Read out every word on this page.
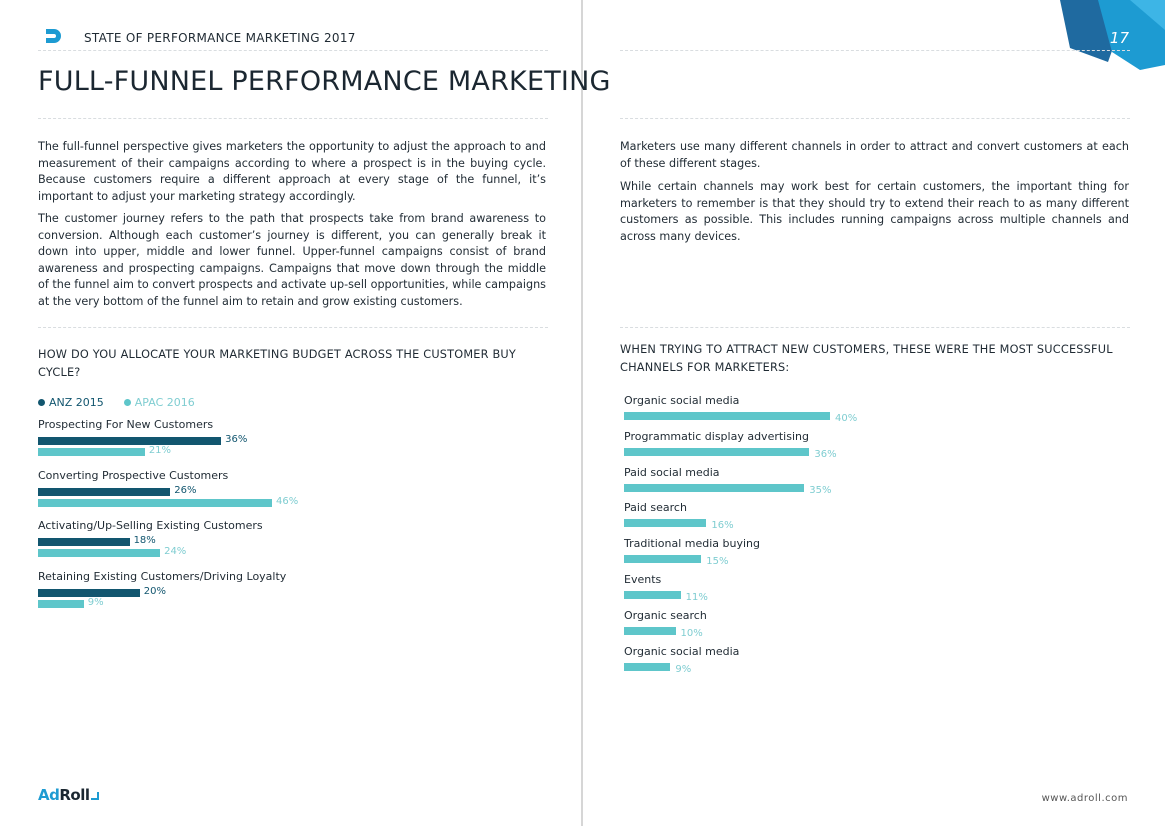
17
STATE OF PERFORMANCE MARKETING 2017
FULL-FUNNEL PERFORMANCE MARKETING

The full-funnel perspective gives marketers the opportunity to adjust the approach to and measurement of their campaigns according to where a prospect is in the buying cycle. Because customers require a different approach at every stage of the funnel, it’s important to adjust your marketing strategy accordingly.

The customer journey refers to the path that prospects take from brand awareness to conversion. Although each customer’s journey is different, you can generally break it down into upper, middle and lower funnel. Upper-funnel campaigns consist of brand awareness and prospecting campaigns. Campaigns that move down through the middle of the funnel aim to convert prospects and activate up-sell opportunities, while campaigns at the very bottom of the funnel aim to retain and grow existing customers.

Marketers use many different channels in order to attract and convert customers at each of these different stages.

While certain channels may work best for certain customers, the important thing for marketers to remember is that they should try to extend their reach to as many different customers as possible. This includes running campaigns across multiple channels and across many devices.

HOW DO YOU ALLOCATE YOUR MARKETING BUDGET ACROSS THE CUSTOMER BUY CYCLE?

ANZ 2015	APAC 2016
Prospecting For New Customers
36%
21%
Converting Prospective Customers
26%
46%
Activating/Up-Selling Existing Customers
18%
24%
Retaining Existing Customers/Driving Loyalty
20%
9%

WHEN TRYING TO ATTRACT NEW CUSTOMERS, THESE WERE THE MOST SUCCESSFUL CHANNELS FOR MARKETERS:

Organic social media
40%
Programmatic display advertising
36%
Paid social media
35%
Paid search
16%
Traditional media buying
15%
Events
11%
Organic search
10%
Organic social media
9%
AdRoll	www.adroll.com
